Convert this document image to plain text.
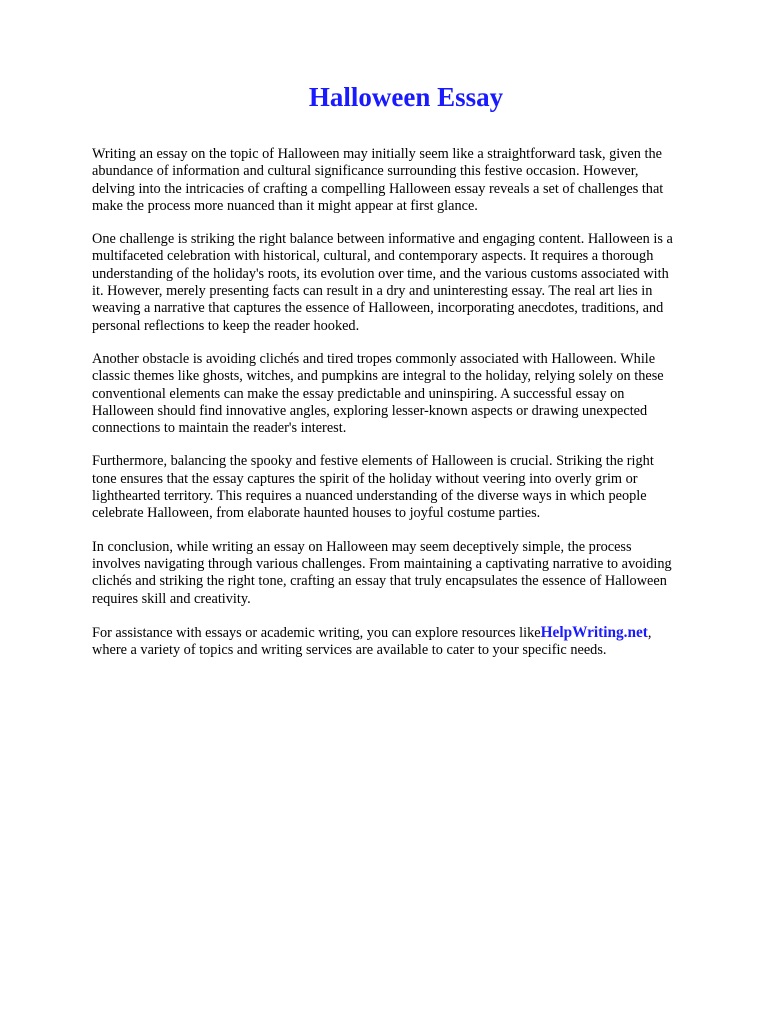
Halloween Essay

Writing an essay on the topic of Halloween may initially seem like a straightforward task, given the
abundance of information and cultural significance surrounding this festive occasion. However,
delving into the intricacies of crafting a compelling Halloween essay reveals a set of challenges that
make the process more nuanced than it might appear at first glance.

One challenge is striking the right balance between informative and engaging content. Halloween is a
multifaceted celebration with historical, cultural, and contemporary aspects. It requires a thorough
understanding of the holiday's roots, its evolution over time, and the various customs associated with
it. However, merely presenting facts can result in a dry and uninteresting essay. The real art lies in
weaving a narrative that captures the essence of Halloween, incorporating anecdotes, traditions, and
personal reflections to keep the reader hooked.

Another obstacle is avoiding clichés and tired tropes commonly associated with Halloween. While
classic themes like ghosts, witches, and pumpkins are integral to the holiday, relying solely on these
conventional elements can make the essay predictable and uninspiring. A successful essay on
Halloween should find innovative angles, exploring lesser-known aspects or drawing unexpected
connections to maintain the reader's interest.

Furthermore, balancing the spooky and festive elements of Halloween is crucial. Striking the right
tone ensures that the essay captures the spirit of the holiday without veering into overly grim or
lighthearted territory. This requires a nuanced understanding of the diverse ways in which people
celebrate Halloween, from elaborate haunted houses to joyful costume parties.

In conclusion, while writing an essay on Halloween may seem deceptively simple, the process
involves navigating through various challenges. From maintaining a captivating narrative to avoiding
clichés and striking the right tone, crafting an essay that truly encapsulates the essence of Halloween
requires skill and creativity.

For assistance with essays or academic writing, you can explore resources likeHelpWriting.net,
where a variety of topics and writing services are available to cater to your specific needs.
